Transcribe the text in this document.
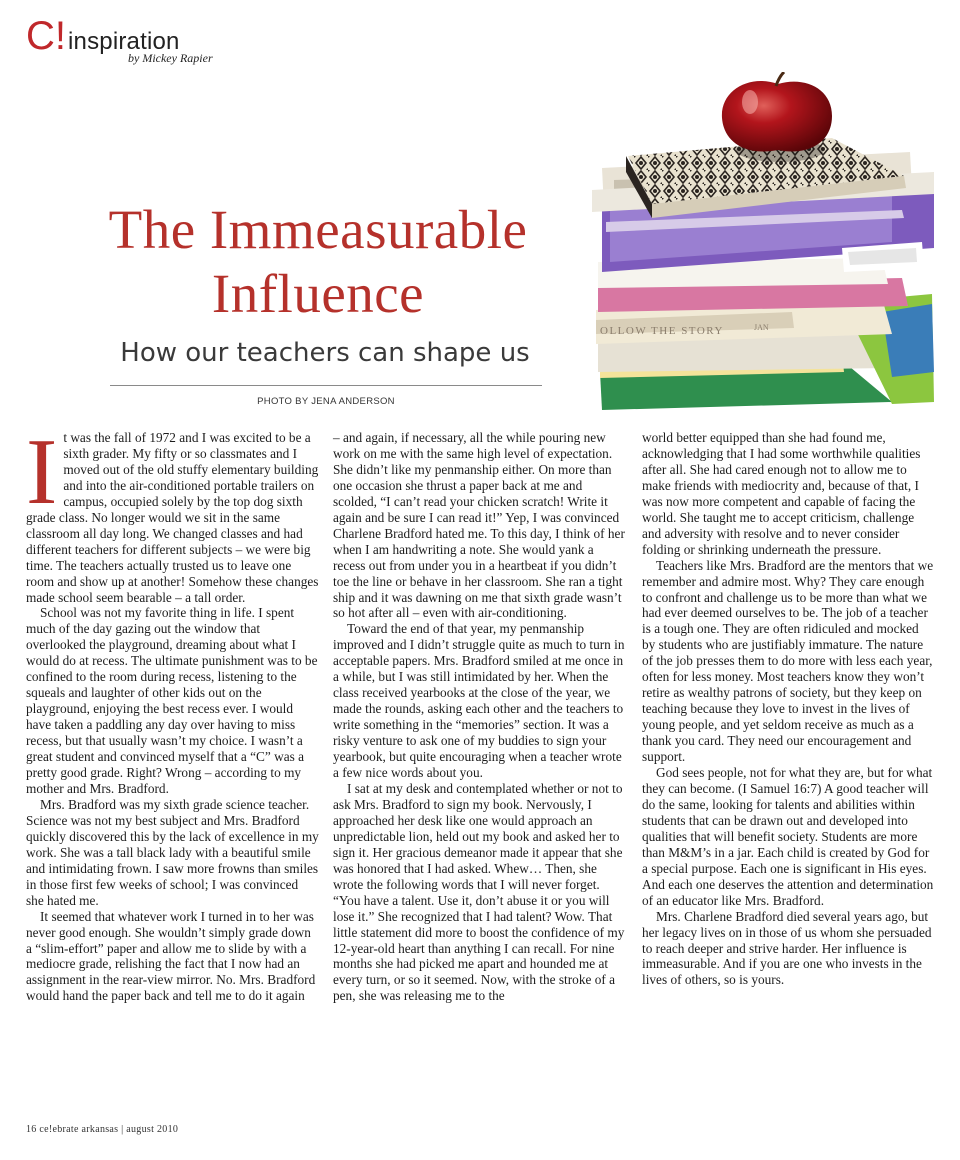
C! inspiration
by Mickey Rapier
The Immeasurable Influence
How our teachers can shape us
PHOTO BY JENA ANDERSON
OLLOW THE STORY	JAN

It was the fall of 1972 and I was excited to be a sixth grader. My fifty or so classmates and I moved out of the old stuffy elementary building and into the air-conditioned portable trailers on campus, occupied solely by the top dog sixth grade class. No longer would we sit in the same classroom all day long. We changed classes and had different teachers for different subjects – we were big time. The teachers actually trusted us to leave one room and show up at another! Somehow these changes made school seem bearable – a tall order.

School was not my favorite thing in life. I spent much of the day gazing out the window that overlooked the playground, dreaming about what I would do at recess. The ultimate punishment was to be confined to the room during recess, listening to the squeals and laughter of other kids out on the playground, enjoying the best recess ever. I would have taken a paddling any day over having to miss recess, but that usually wasn’t my choice. I wasn’t a great student and convinced myself that a “C” was a pretty good grade. Right? Wrong – according to my mother and Mrs. Bradford.

Mrs. Bradford was my sixth grade science teacher. Science was not my best subject and Mrs. Bradford quickly discovered this by the lack of excellence in my work. She was a tall black lady with a beautiful smile and intimidating frown. I saw more frowns than smiles in those first few weeks of school; I was convinced she hated me.

It seemed that whatever work I turned in to her was never good enough. She wouldn’t simply grade down a “slim-effort” paper and allow me to slide by with a mediocre grade, relishing the fact that I now had an assignment in the rear-view mirror. No. Mrs. Bradford would hand the paper back and tell me to do it again

– and again, if necessary, all the while pouring new work on me with the same high level of expectation. She didn’t like my penmanship either. On more than one occasion she thrust a paper back at me and scolded, “I can’t read your chicken scratch! Write it again and be sure I can read it!” Yep, I was convinced Charlene Bradford hated me. To this day, I think of her when I am handwriting a note. She would yank a recess out from under you in a heartbeat if you didn’t toe the line or behave in her classroom. She ran a tight ship and it was dawning on me that sixth grade wasn’t so hot after all – even with air-conditioning.

Toward the end of that year, my penmanship improved and I didn’t struggle quite as much to turn in acceptable papers. Mrs. Bradford smiled at me once in a while, but I was still intimidated by her. When the class received yearbooks at the close of the year, we made the rounds, asking each other and the teachers to write something in the “memories” section. It was a risky venture to ask one of my buddies to sign your yearbook, but quite encouraging when a teacher wrote a few nice words about you.

I sat at my desk and contemplated whether or not to ask Mrs. Bradford to sign my book. Nervously, I approached her desk like one would approach an unpredictable lion, held out my book and asked her to sign it. Her gracious demeanor made it appear that she was honored that I had asked. Whew… Then, she wrote the following words that I will never forget. “You have a talent. Use it, don’t abuse it or you will lose it.” She recognized that I had talent? Wow. That little statement did more to boost the confidence of my 12-year-old heart than anything I can recall. For nine months she had picked me apart and hounded me at every turn, or so it seemed. Now, with the stroke of a pen, she was releasing me to the

world better equipped than she had found me, acknowledging that I had some worthwhile qualities after all. She had cared enough not to allow me to make friends with mediocrity and, because of that, I was now more competent and capable of facing the world. She taught me to accept criticism, challenge and adversity with resolve and to never consider folding or shrinking underneath the pressure.

Teachers like Mrs. Bradford are the mentors that we remember and admire most. Why? They care enough to confront and challenge us to be more than what we had ever deemed ourselves to be. The job of a teacher is a tough one. They are often ridiculed and mocked by students who are justifiably immature. The nature of the job presses them to do more with less each year, often for less money. Most teachers know they won’t retire as wealthy patrons of society, but they keep on teaching because they love to invest in the lives of young people, and yet seldom receive as much as a thank you card. They need our encouragement and support.

God sees people, not for what they are, but for what they can become. (I Samuel 16:7) A good teacher will do the same, looking for talents and abilities within students that can be drawn out and developed into qualities that will benefit society. Students are more than M&M’s in a jar. Each child is created by God for a special purpose. Each one is significant in His eyes. And each one deserves the attention and determination of an educator like Mrs. Bradford.

Mrs. Charlene Bradford died several years ago, but her legacy lives on in those of us whom she persuaded to reach deeper and strive harder. Her influence is immeasurable. And if you are one who invests in the lives of others, so is yours.

16 ce!ebrate arkansas | august 2010
